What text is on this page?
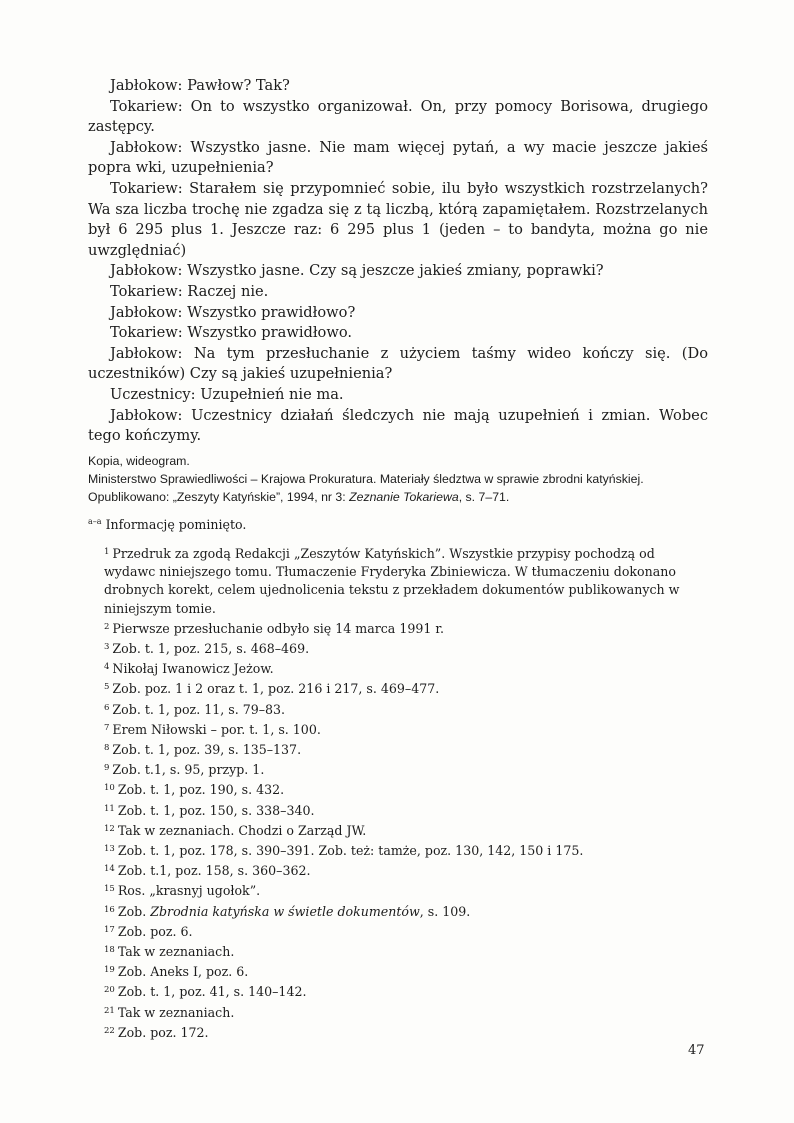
Jabłokow: Pawłow? Tak?

Tokariew: On to wszystko organizował. On, przy pomocy Borisowa, drugiego zastępcy.

Jabłokow: Wszystko jasne. Nie mam więcej pytań, a wy macie jeszcze jakieś popra wki, uzupełnienia?

Tokariew: Starałem się przypomnieć sobie, ilu było wszystkich rozstrzelanych? Wa sza liczba trochę nie zgadza się z tą liczbą, którą zapamiętałem. Rozstrzelanych był 6 295 plus 1. Jeszcze raz: 6 295 plus 1 (jeden – to bandyta, można go nie uwzględniać)

Jabłokow: Wszystko jasne. Czy są jeszcze jakieś zmiany, poprawki?

Tokariew: Raczej nie.

Jabłokow: Wszystko prawidłowo?

Tokariew: Wszystko prawidłowo.

Jabłokow: Na tym przesłuchanie z użyciem taśmy wideo kończy się. (Do uczestników) Czy są jakieś uzupełnienia?

Uczestnicy: Uzupełnień nie ma.

Jabłokow: Uczestnicy działań śledczych nie mają uzupełnień i zmian. Wobec tego kończymy.

Kopia, wideogram.

Ministerstwo Sprawiedliwości – Krajowa Prokuratura. Materiały śledztwa w sprawie zbrodni katyńskiej.

Opublikowano: „Zeszyty Katyńskie”, 1994, nr 3: Zeznanie Tokariewa, s. 7–71.

$^{a-a}$ Informację pominięto.

$^1$ Przedruk za zgodą Redakcji „Zeszytów Katyńskich”. Wszystkie przypisy pochodzą od wydawc niniejszego tomu. Tłumaczenie Fryderyka Zbiniewicza. W tłumaczeniu dokonano drobnych korekt, celem ujednolicenia tekstu z przekładem dokumentów publikowanych w niniejszym tomie.

$^2$ Pierwsze przesłuchanie odbyło się 14 marca 1991 r.

$^3$ Zob. t. 1, poz. 215, s. 468–469.

$^4$ Nikołaj Iwanowicz Jeżow.

$^5$ Zob. poz. 1 i 2 oraz t. 1, poz. 216 i 217, s. 469–477.

$^6$ Zob. t. 1, poz. 11, s. 79–83.

$^7$ Erem Niłowski – por. t. 1, s. 100.

$^8$ Zob. t. 1, poz. 39, s. 135–137.

$^9$ Zob. t.1, s. 95, przyp. 1.

$^{10}$ Zob. t. 1, poz. 190, s. 432.

$^{11}$ Zob. t. 1, poz. 150, s. 338–340.

$^{12}$ Tak w zeznaniach. Chodzi o Zarząd JW.

$^{13}$ Zob. t. 1, poz. 178, s. 390–391. Zob. też: tamże, poz. 130, 142, 150 i 175.

$^{14}$ Zob. t.1, poz. 158, s. 360–362.

$^{15}$ Ros. „krasnyj ugołok”.

$^{16}$ Zob. Zbrodnia katyńska w świetle dokumentów, s. 109.

$^{17}$ Zob. poz. 6.

$^{18}$ Tak w zeznaniach.

$^{19}$ Zob. Aneks I, poz. 6.

$^{20}$ Zob. t. 1, poz. 41, s. 140–142.

$^{21}$ Tak w zeznaniach.

$^{22}$ Zob. poz. 172.

47
